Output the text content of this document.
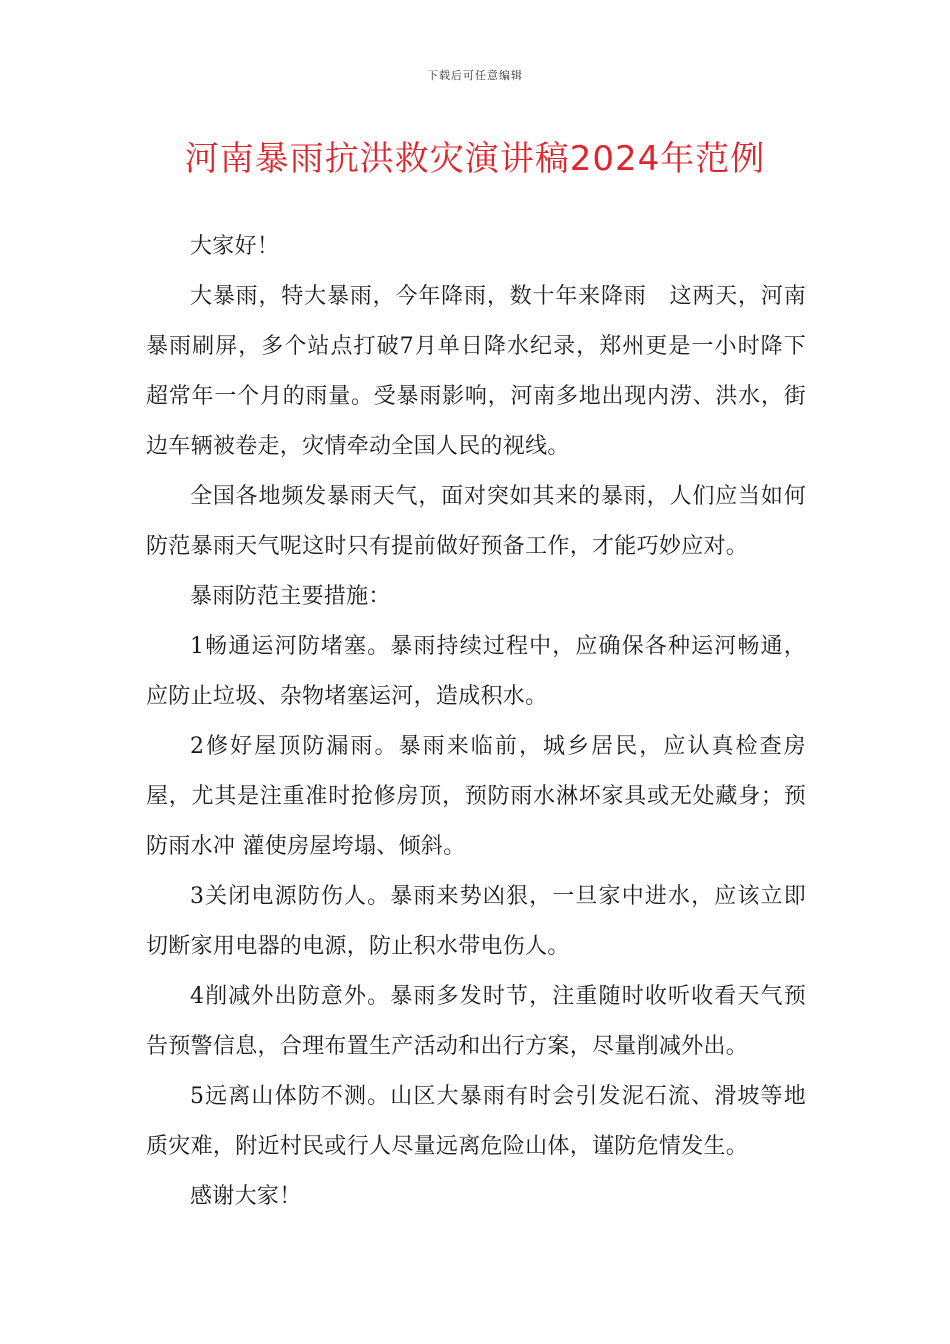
下载后可任意编辑
河南暴雨抗洪救灾演讲稿2024年范例

大家好！

大暴雨，特大暴雨，今年降雨，数十年来降雨　这两天，河南暴雨刷屏，多个站点打破7月单日降水纪录，郑州更是一小时降下超常年一个月的雨量。受暴雨影响，河南多地出现内涝、洪水，街边车辆被卷走，灾情牵动全国人民的视线。

全国各地频发暴雨天气，面对突如其来的暴雨，人们应当如何防范暴雨天气呢这时只有提前做好预备工作，才能巧妙应对。

暴雨防范主要措施：

1畅通运河防堵塞。暴雨持续过程中，应确保各种运河畅通，应防止垃圾、杂物堵塞运河，造成积水。

2修好屋顶防漏雨。暴雨来临前，城乡居民，应认真检查房屋，尤其是注重准时抢修房顶，预防雨水淋坏家具或无处藏身；预防雨水冲 灌使房屋垮塌、倾斜。

3关闭电源防伤人。暴雨来势凶狠，一旦家中进水，应该立即切断家用电器的电源，防止积水带电伤人。

4削减外出防意外。暴雨多发时节，注重随时收听收看天气预告预警信息，合理布置生产活动和出行方案，尽量削减外出。

5远离山体防不测。山区大暴雨有时会引发泥石流、滑坡等地质灾难，附近村民或行人尽量远离危险山体，谨防危情发生。

感谢大家！
